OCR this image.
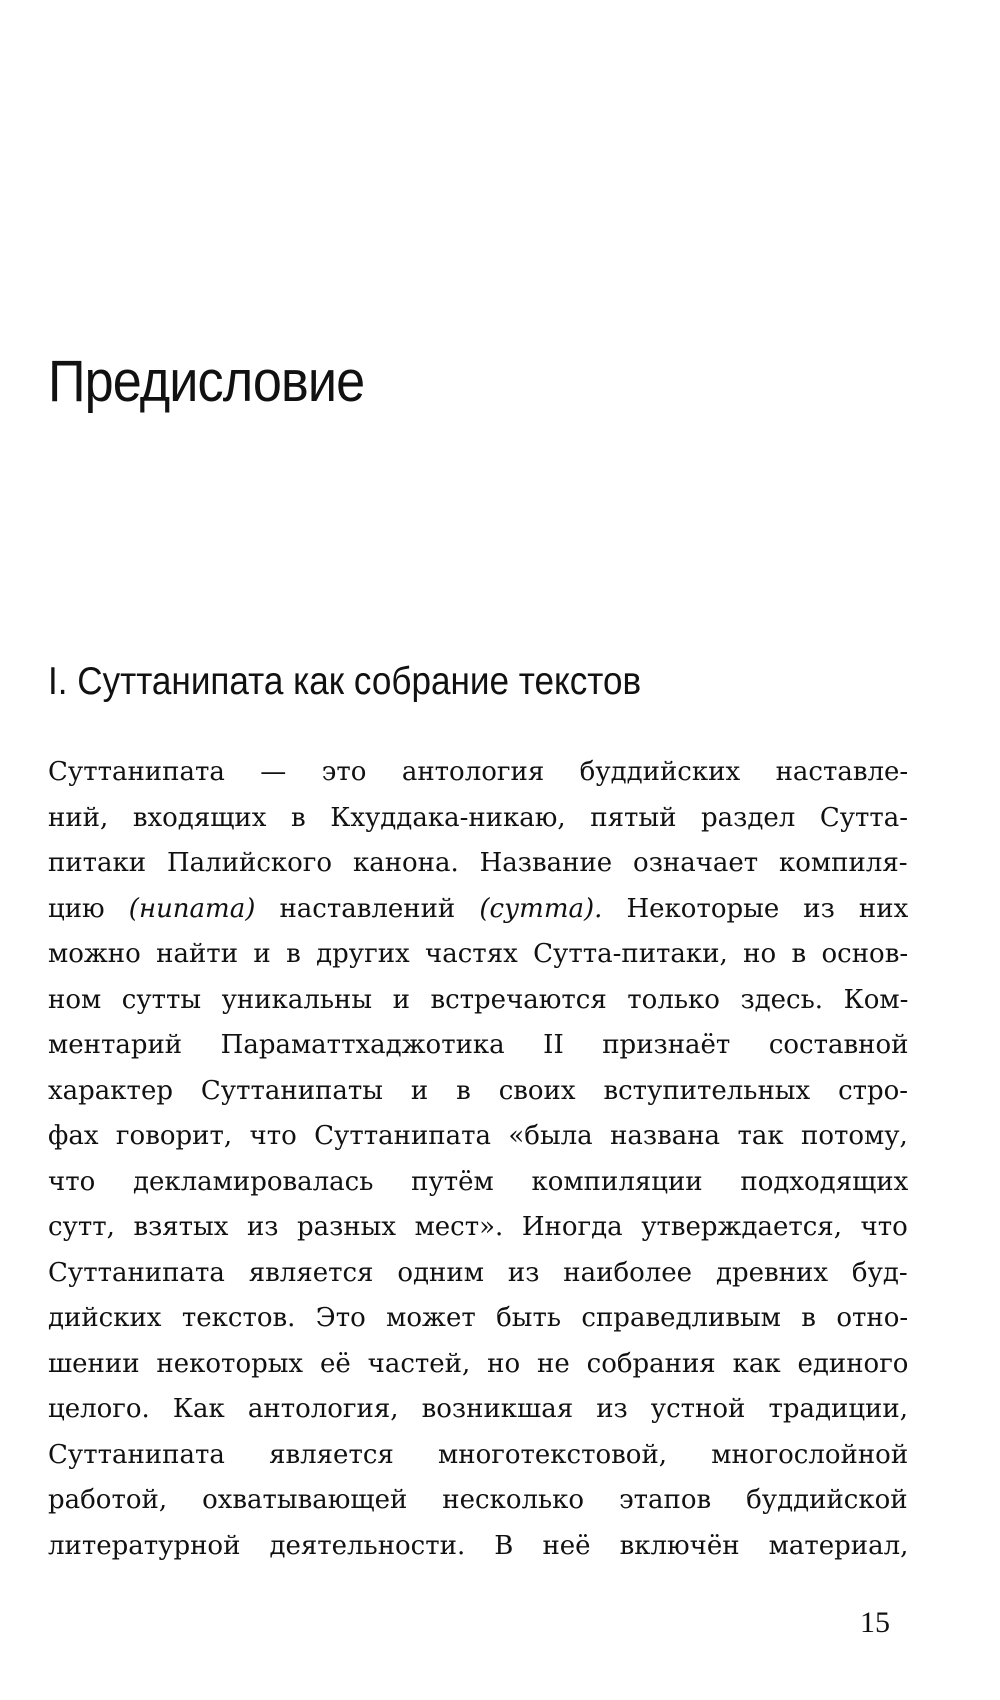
Предисловие
I. Суттанипата как собрание текстов
Суттанипата — это антология буддийских наставле-
ний, входящих в Кхуддака-никаю, пятый раздел Сутта-
питаки Палийского канона. Название означает компиля-
цию (нипата) наставлений (сутта). Некоторые из них
можно найти и в других частях Сутта-питаки, но в основ-
ном сутты уникальны и встречаются только здесь. Ком-
ментарий Параматтхаджотика II признаёт составной
характер Суттанипаты и в своих вступительных стро-
фах говорит, что Суттанипата «была названа так потому,
что декламировалась путём компиляции подходящих
сутт, взятых из разных мест». Иногда утверждается, что
Суттанипата является одним из наиболее древних буд-
дийских текстов. Это может быть справедливым в отно-
шении некоторых её частей, но не собрания как единого
целого. Как антология, возникшая из устной традиции,
Суттанипата является многотекстовой, многослойной
работой, охватывающей несколько этапов буддийской
литературной деятельности. В неё включён материал,
15
